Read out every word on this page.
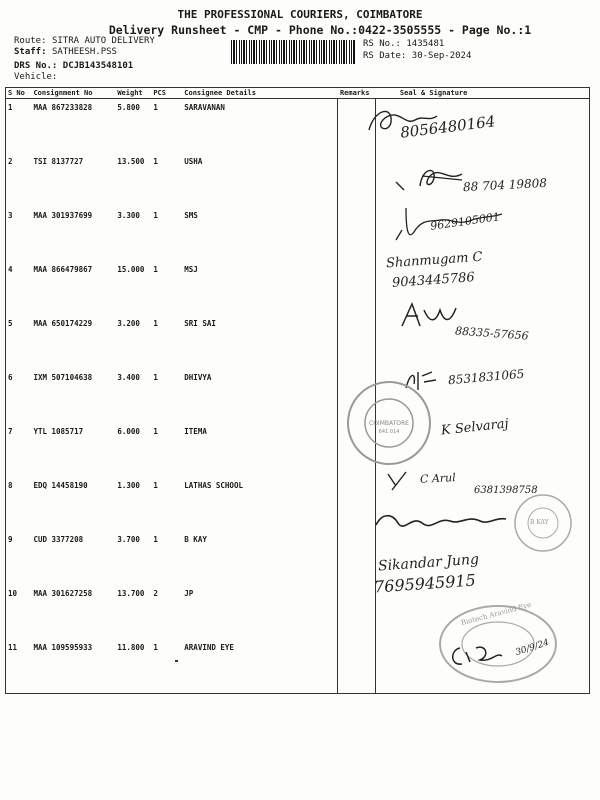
THE PROFESSIONAL COURIERS, COIMBATORE
Delivery Runsheet - CMP - Phone No.:0422-3505555 - Page No.:1
Route: SITRA AUTO DELIVERY
Staff: SATHEESH.PSS
DRS No.: DCJB143548101
Vehicle:
RS No.: 1435481
RS Date: 30-Sep-2024
S No	Consignment No	Weight	PCS	Consignee Details	Remarks	Seal & Signature
1	MAA 867233828	5.800	1	SARAVANAN		
2	TSI 8137727	13.500	1	USHA		
3	MAA 301937699	3.300	1	SMS		
4	MAA 866479867	15.000	1	MSJ		
5	MAA 650174229	3.200	1	SRI SAI		
6	IXM 507104638	3.400	1	DHIVYA		
7	YTL 1085717	6.000	1	ITEMA		
8	EDQ 14458190	1.300	1	LATHAS SCHOOL		
9	CUD 3377208	3.700	1	B KAY		
10	MAA 301627258	13.700	2	JP		
11	MAA 109595933	11.800	1	ARAVIND EYE		
8056480164
88 704 19808
9629105001
Shanmugam C
9043445786
88335-57656
8531831065
COIMBATORE
641 014	K Selvaraj
C Arul
6381398758
B KAY
Sikandar Jung
7695945915
Biotech Aravind Eye
30/9/24
